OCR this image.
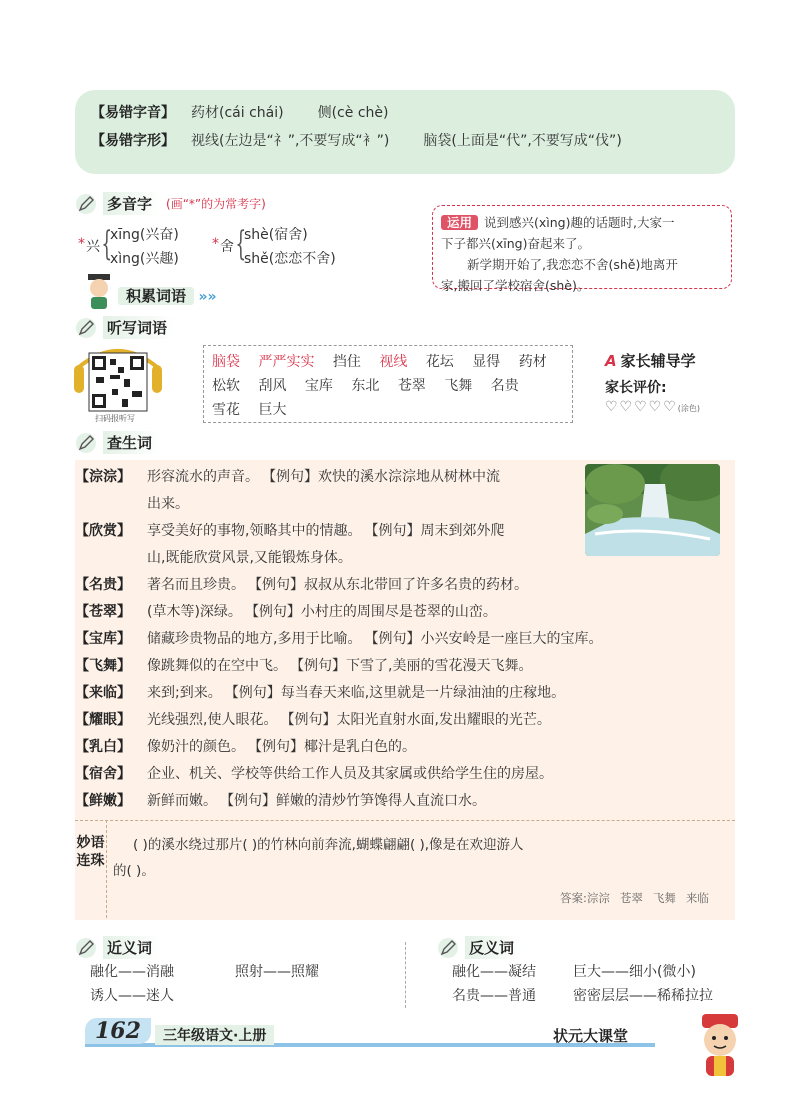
【易错字音】	药材(cái chái) 侧(cè chè)
【易错字形】	视线(左边是“礻”,不要写成“衤”) 脑袋(上面是“代”,不要写成“伐”)
多音字	(画“*”的为常考字)
* 兴 {
xīng(兴奋)
xìng(兴趣)
* 舍 {
shè(宿舍)
shě(恋恋不舍)
运用 说到感兴(xìng)趣的话题时,大家一
下子都兴(xīng)奋起来了。
新学期开始了,我恋恋不舍(shě)地离开
家,搬回了学校宿舍(shè)。
积累词语 »»
听写词语
扫码报听写
脑袋 严严实实 挡住 视线 花坛 显得 药材
松软 刮风 宝库 东北 苍翠 飞舞 名贵
雪花 巨大
A 家长辅导学
家长评价:
♡♡♡♡♡(涂色)
查生词
【淙淙】	形容流水的声音。 【例句】欢快的溪水淙淙地从树林中流
出来。
【欣赏】	享受美好的事物,领略其中的情趣。 【例句】周末到郊外爬
山,既能欣赏风景,又能锻炼身体。
【名贵】	著名而且珍贵。 【例句】叔叔从东北带回了许多名贵的药材。
【苍翠】	(草木等)深绿。 【例句】小村庄的周围尽是苍翠的山峦。
【宝库】	储藏珍贵物品的地方,多用于比喻。 【例句】小兴安岭是一座巨大的宝库。
【飞舞】	像跳舞似的在空中飞。 【例句】下雪了,美丽的雪花漫天飞舞。
【来临】	来到;到来。 【例句】每当春天来临,这里就是一片绿油油的庄稼地。
【耀眼】	光线强烈,使人眼花。 【例句】太阳光直射水面,发出耀眼的光芒。
【乳白】	像奶汁的颜色。 【例句】椰汁是乳白色的。
【宿舍】	企业、机关、学校等供给工作人员及其家属或供给学生住的房屋。
【鲜嫩】	新鲜而嫩。 【例句】鲜嫩的清炒竹笋馋得人直流口水。
妙语连珠
( )的溪水绕过那片( )的竹林向前奔流,蝴蝶翩翩( ),像是在欢迎游人
的( )。
答案:淙淙 苍翠 飞舞 来临
近义词
融化——消融	照射——照耀
诱人——迷人
反义词
融化——凝结	巨大——细小(微小)
名贵——普通	密密层层——稀稀拉拉
162	三年级语文·上册	状元大课堂
